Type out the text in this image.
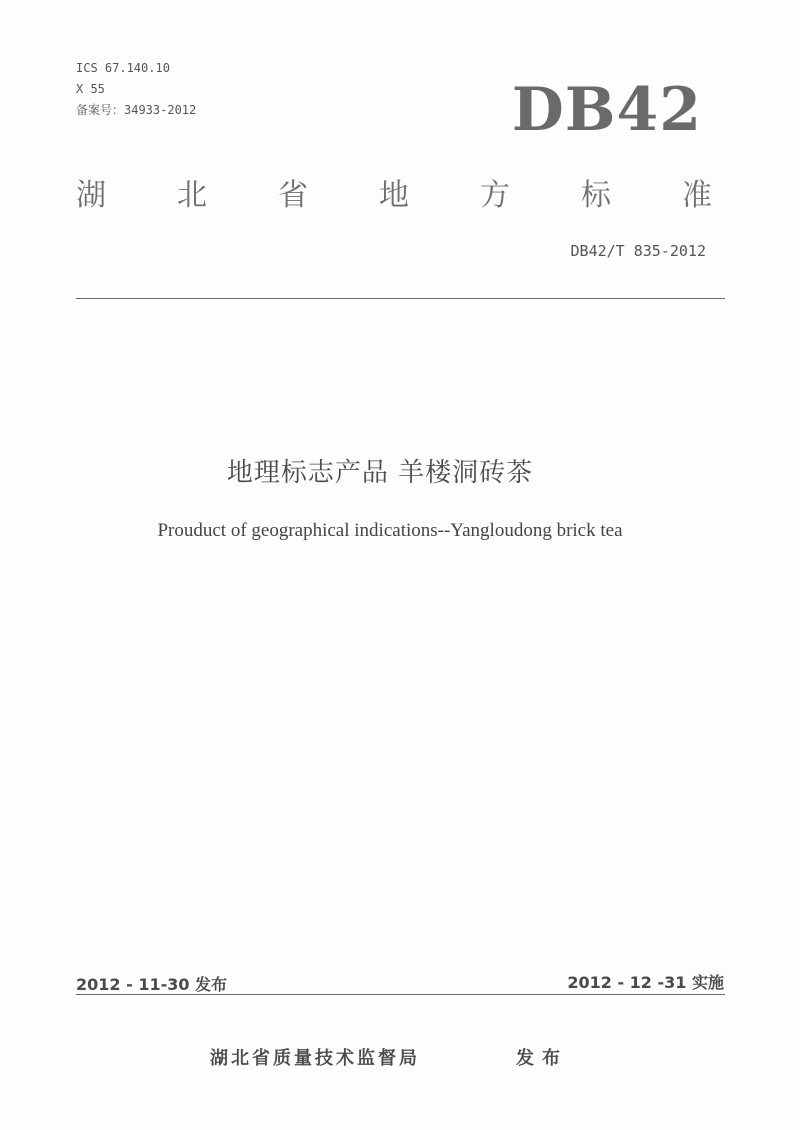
ICS 67.140.10
X 55
备案号：34933-2012	DB42
湖 北 省 地 方 标 准
DB42/T 835-2012
地理标志产品 羊楼洞砖茶
Prouduct of geographical indications--Yangloudong brick tea
2012 - 11-30 发布	2012 - 12 -31 实施
湖北省质量技术监督局	发布
